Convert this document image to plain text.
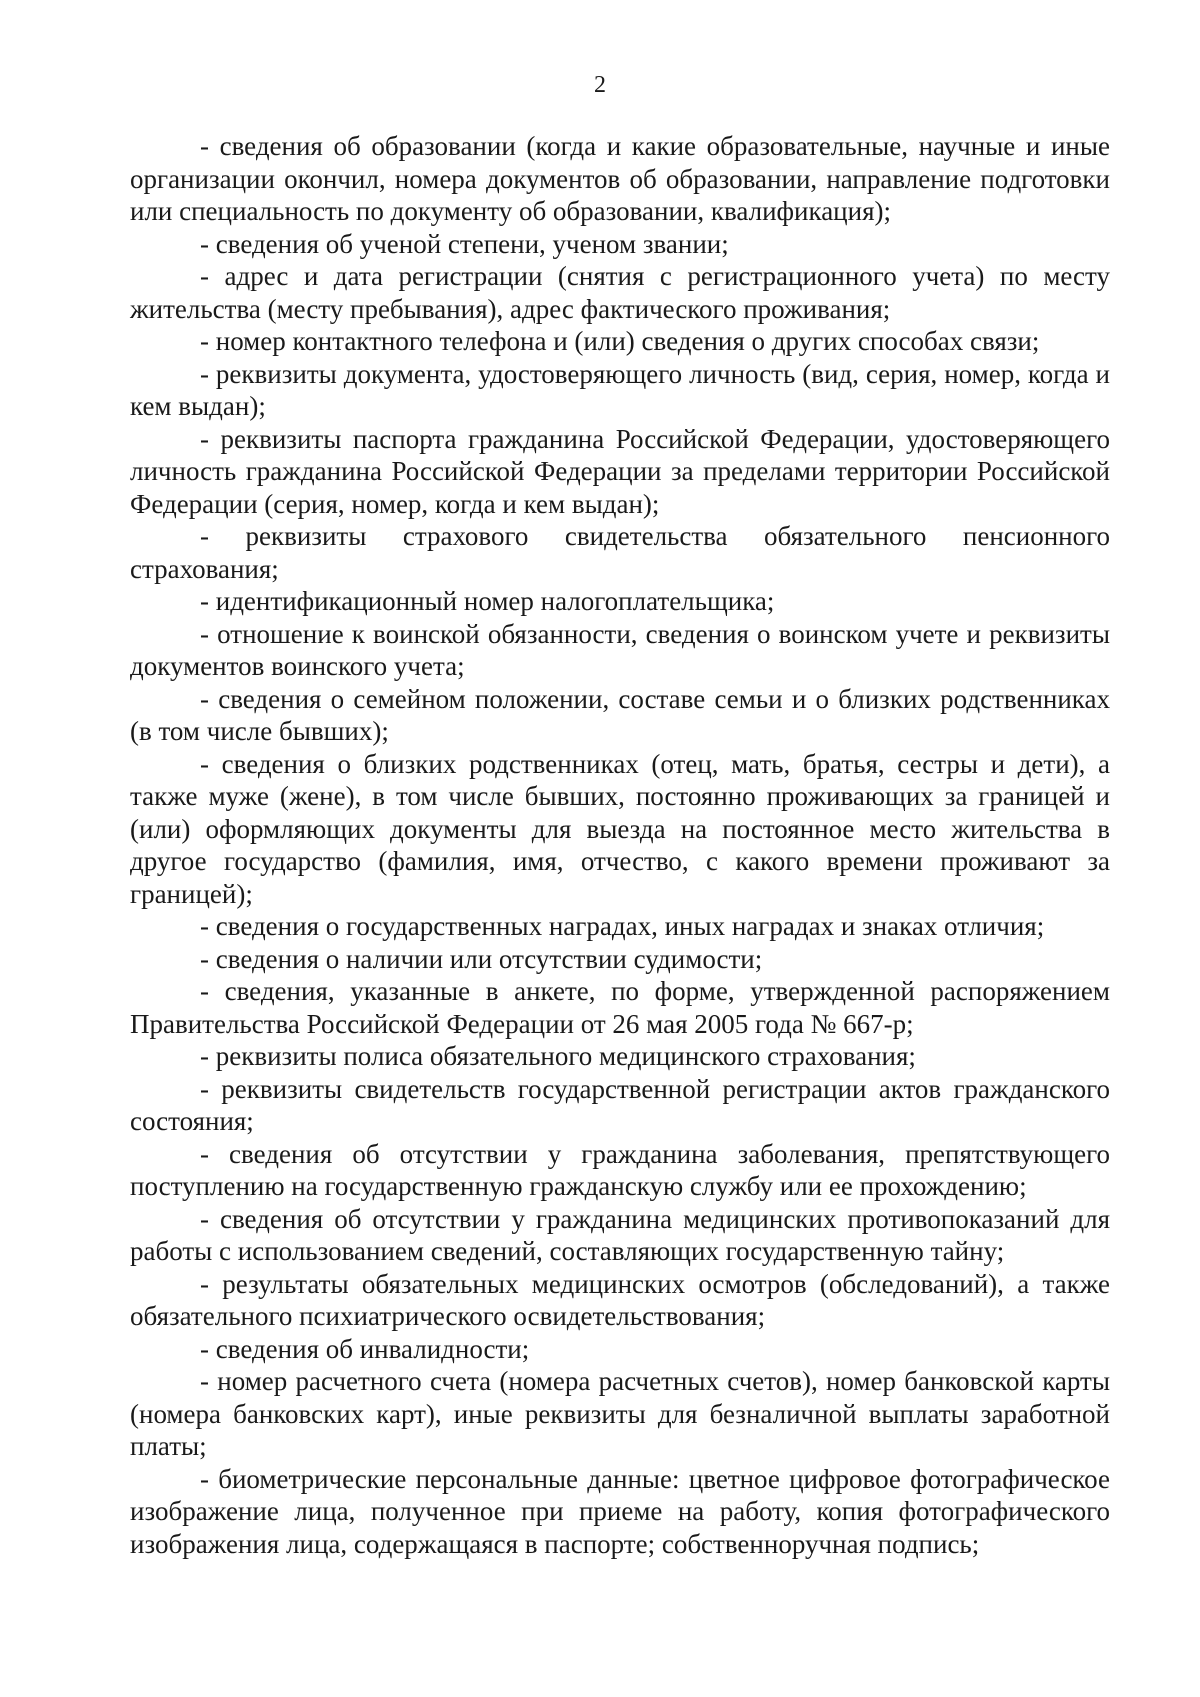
2

- сведения об образовании (когда и какие образовательные, научные и иные организации окончил, номера документов об образовании, направление подготовки или специальность по документу об образовании, квалификация);

- сведения об ученой степени, ученом звании;

- адрес и дата регистрации (снятия с регистрационного учета) по месту жительства (месту пребывания), адрес фактического проживания;

- номер контактного телефона и (или) сведения о других способах связи;

- реквизиты документа, удостоверяющего личность (вид, серия, номер, когда и кем выдан);

- реквизиты паспорта гражданина Российской Федерации, удостоверяющего личность гражданина Российской Федерации за пределами территории Российской Федерации (серия, номер, когда и кем выдан);

- реквизиты страхового свидетельства обязательного пенсионного страхования;

- идентификационный номер налогоплательщика;

- отношение к воинской обязанности, сведения о воинском учете и реквизиты документов воинского учета;

- сведения о семейном положении, составе семьи и о близких родственниках (в том числе бывших);

- сведения о близких родственниках (отец, мать, братья, сестры и дети), а также муже (жене), в том числе бывших, постоянно проживающих за границей и (или) оформляющих документы для выезда на постоянное место жительства в другое государство (фамилия, имя, отчество, с какого времени проживают за границей);

- сведения о государственных наградах, иных наградах и знаках отличия;

- сведения о наличии или отсутствии судимости;

- сведения, указанные в анкете, по форме, утвержденной распоряжением Правительства Российской Федерации от 26 мая 2005 года № 667-р;

- реквизиты полиса обязательного медицинского страхования;

- реквизиты свидетельств государственной регистрации актов гражданского состояния;

- сведения об отсутствии у гражданина заболевания, препятствующего поступлению на государственную гражданскую службу или ее прохождению;

- сведения об отсутствии у гражданина медицинских противопоказаний для работы с использованием сведений, составляющих государственную тайну;

- результаты обязательных медицинских осмотров (обследований), а также обязательного психиатрического освидетельствования;

- сведения об инвалидности;

- номер расчетного счета (номера расчетных счетов), номер банковской карты (номера банковских карт), иные реквизиты для безналичной выплаты заработной платы;

- биометрические персональные данные: цветное цифровое фотографическое изображение лица, полученное при приеме на работу, копия фотографического изображения лица, содержащаяся в паспорте; собственноручная подпись;
